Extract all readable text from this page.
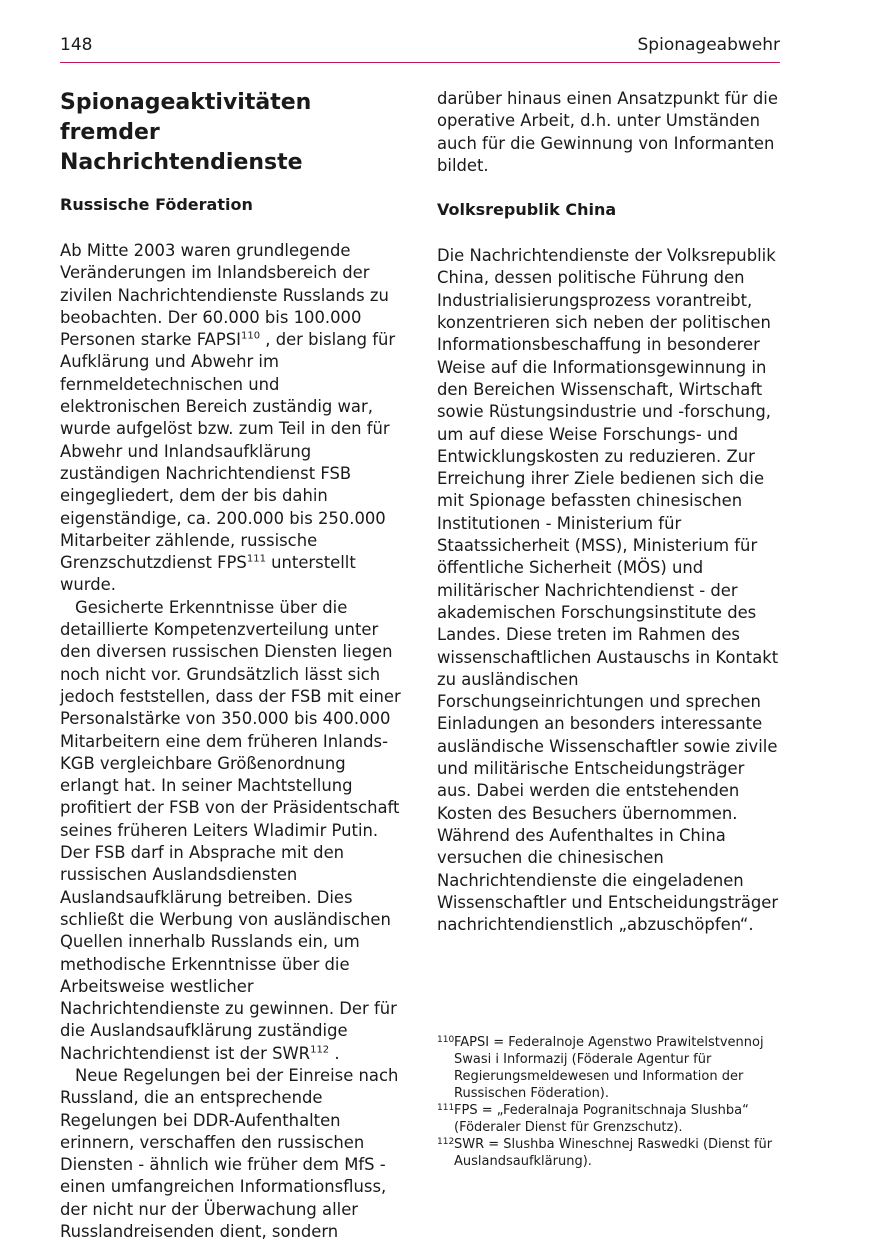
148	Spionageabwehr
Spionageaktivitäten fremder
Nachrichtendienste
Russische Föderation

Ab Mitte 2003 waren grundlegende Veränderungen im Inlandsbereich der zivilen Nachrichtendienste Russlands zu beobachten. Der 60.000 bis 100.000 Personen starke FAPSI$^{110}$ , der bislang für Aufklärung und Abwehr im fernmeldetechnischen und elektronischen Bereich zuständig war, wurde aufgelöst bzw. zum Teil in den für Abwehr und Inlandsaufklärung zuständigen Nachrichtendienst FSB eingegliedert, dem der bis dahin eigenständige, ca. 200.000 bis 250.000 Mitarbeiter zählende, russische Grenzschutzdienst FPS$^{111}$ unterstellt wurde.

Gesicherte Erkenntnisse über die detaillierte Kompetenzverteilung unter den diversen russischen Diensten liegen noch nicht vor. Grundsätzlich lässt sich jedoch feststellen, dass der FSB mit einer Personalstärke von 350.000 bis 400.000 Mitarbeitern eine dem früheren Inlands-KGB vergleichbare Größenordnung erlangt hat. In seiner Machtstellung profitiert der FSB von der Präsidentschaft seines früheren Leiters Wladimir Putin. Der FSB darf in Absprache mit den russischen Auslandsdiensten Auslandsaufklärung betreiben. Dies schließt die Werbung von ausländischen Quellen innerhalb Russlands ein, um methodische Erkenntnisse über die Arbeitsweise westlicher Nachrichtendienste zu gewinnen. Der für die Auslandsaufklärung zuständige Nachrichtendienst ist der SWR$^{112}$ .

Neue Regelungen bei der Einreise nach Russland, die an entsprechende Regelungen bei DDR-Aufenthalten erinnern, verschaffen den russischen Diensten - ähnlich wie früher dem MfS - einen umfangreichen Informationsfluss, der nicht nur der Überwachung aller Russlandreisenden dient, sondern

darüber hinaus einen Ansatzpunkt für die operative Arbeit, d.h. unter Umständen auch für die Gewinnung von Informanten bildet.

Volksrepublik China

Die Nachrichtendienste der Volksrepublik China, dessen politische Führung den Industrialisierungsprozess vorantreibt, konzentrieren sich neben der politischen Informationsbeschaffung in besonderer Weise auf die Informationsgewinnung in den Bereichen Wissenschaft, Wirtschaft sowie Rüstungsindustrie und -forschung, um auf diese Weise Forschungs- und Entwicklungskosten zu reduzieren. Zur Erreichung ihrer Ziele bedienen sich die mit Spionage befassten chinesischen Institutionen - Ministerium für Staatssicherheit (MSS), Ministerium für öffentliche Sicherheit (MÖS) und militärischer Nachrichtendienst - der akademischen Forschungsinstitute des Landes. Diese treten im Rahmen des wissenschaftlichen Austauschs in Kontakt zu ausländischen Forschungseinrichtungen und sprechen Einladungen an besonders interessante ausländische Wissenschaftler sowie zivile und militärische Entscheidungsträger aus. Dabei werden die entstehenden Kosten des Besuchers übernommen. Während des Aufenthaltes in China versuchen die chinesischen Nachrichtendienste die eingeladenen Wissenschaftler und Entscheidungsträger nachrichtendienstlich „abzuschöpfen“.

110 FAPSI = Federalnoje Agenstwo Prawitelstvennoj Swasi i Informazij (Föderale Agentur für Regierungsmeldewesen und Information der Russischen Föderation).

111 FPS = „Federalnaja Pogranitschnaja Slushba“ (Föderaler Dienst für Grenzschutz).

112 SWR = Slushba Wineschnej Raswedki (Dienst für Auslandsaufklärung).
